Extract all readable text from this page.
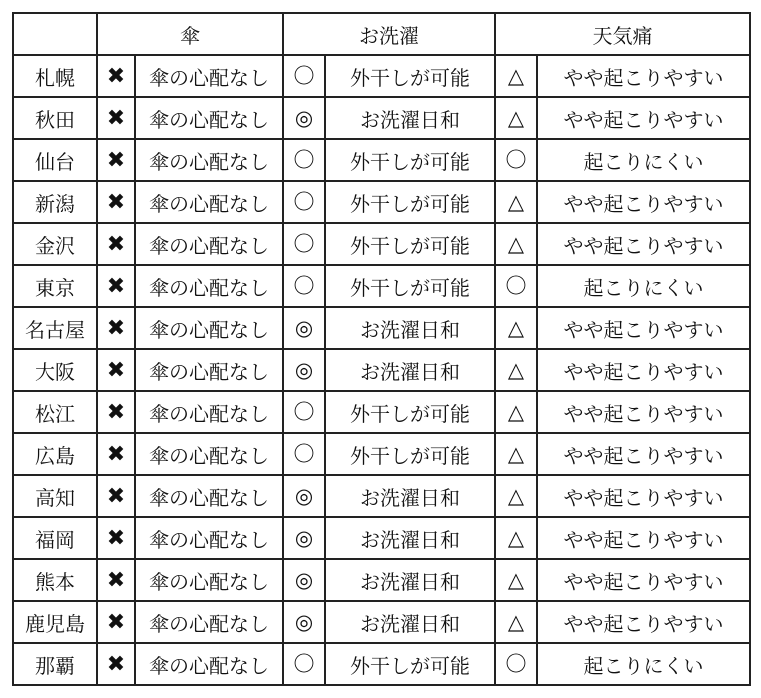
	傘		お洗濯		天気痛	
札幌	✖	傘の心配なし	〇	外干しが可能	△	やや起こりやすい
秋田	✖	傘の心配なし	◎	お洗濯日和	△	やや起こりやすい
仙台	✖	傘の心配なし	〇	外干しが可能	〇	起こりにくい
新潟	✖	傘の心配なし	〇	外干しが可能	△	やや起こりやすい
金沢	✖	傘の心配なし	〇	外干しが可能	△	やや起こりやすい
東京	✖	傘の心配なし	〇	外干しが可能	〇	起こりにくい
名古屋	✖	傘の心配なし	◎	お洗濯日和	△	やや起こりやすい
大阪	✖	傘の心配なし	◎	お洗濯日和	△	やや起こりやすい
松江	✖	傘の心配なし	〇	外干しが可能	△	やや起こりやすい
広島	✖	傘の心配なし	〇	外干しが可能	△	やや起こりやすい
高知	✖	傘の心配なし	◎	お洗濯日和	△	やや起こりやすい
福岡	✖	傘の心配なし	◎	お洗濯日和	△	やや起こりやすい
熊本	✖	傘の心配なし	◎	お洗濯日和	△	やや起こりやすい
鹿児島	✖	傘の心配なし	◎	お洗濯日和	△	やや起こりやすい
那覇	✖	傘の心配なし	〇	外干しが可能	〇	起こりにくい
